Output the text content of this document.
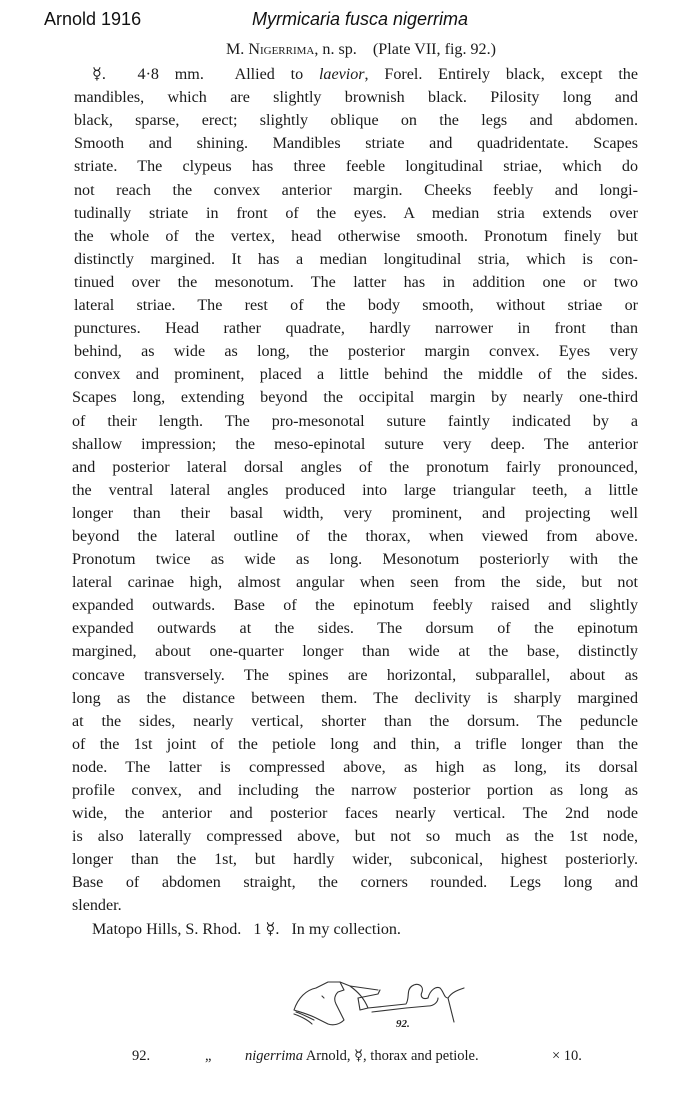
Arnold 1916	Myrmicaria fusca nigerrima
M. Nigerrima, n. sp.    (Plate VII, fig. 92.)
☿.  4·8 mm.  Allied to laevior, Forel. Entirely black, except the
mandibles, which are slightly brownish black. Pilosity long and
black, sparse, erect; slightly oblique on the legs and abdomen.
Smooth and shining. Mandibles striate and quadridentate. Scapes
striate. The clypeus has three feeble longitudinal striae, which do
not reach the convex anterior margin. Cheeks feebly and longi-
tudinally striate in front of the eyes. A median stria extends over
the whole of the vertex, head otherwise smooth. Pronotum finely but
distinctly margined. It has a median longitudinal stria, which is con-
tinued over the mesonotum. The latter has in addition one or two
lateral striae. The rest of the body smooth, without striae or
punctures. Head rather quadrate, hardly narrower in front than
behind, as wide as long, the posterior margin convex. Eyes very
convex and prominent, placed a little behind the middle of the sides.
Scapes long, extending beyond the occipital margin by nearly one-third
of their length. The pro-mesonotal suture faintly indicated by a
shallow impression; the meso-epinotal suture very deep. The anterior
and posterior lateral dorsal angles of the pronotum fairly pronounced,
the ventral lateral angles produced into large triangular teeth, a little
longer than their basal width, very prominent, and projecting well
beyond the lateral outline of the thorax, when viewed from above.
Pronotum twice as wide as long. Mesonotum posteriorly with the
lateral carinae high, almost angular when seen from the side, but not
expanded outwards. Base of the epinotum feebly raised and slightly
expanded outwards at the sides. The dorsum of the epinotum
margined, about one-quarter longer than wide at the base, distinctly
concave transversely. The spines are horizontal, subparallel, about as
long as the distance between them. The declivity is sharply margined
at the sides, nearly vertical, shorter than the dorsum. The peduncle
of the 1st joint of the petiole long and thin, a trifle longer than the
node. The latter is compressed above, as high as long, its dorsal
profile convex, and including the narrow posterior portion as long as
wide, the anterior and posterior faces nearly vertical. The 2nd node
is also laterally compressed above, but not so much as the 1st node,
longer than the 1st, but hardly wider, subconical, highest posteriorly.
Base of abdomen straight, the corners rounded. Legs long and
slender.
Matopo Hills, S. Rhod.   1 ☿.   In my collection.
92.
92.	„ nigerrima Arnold, ☿, thorax and petiole.	× 10.
